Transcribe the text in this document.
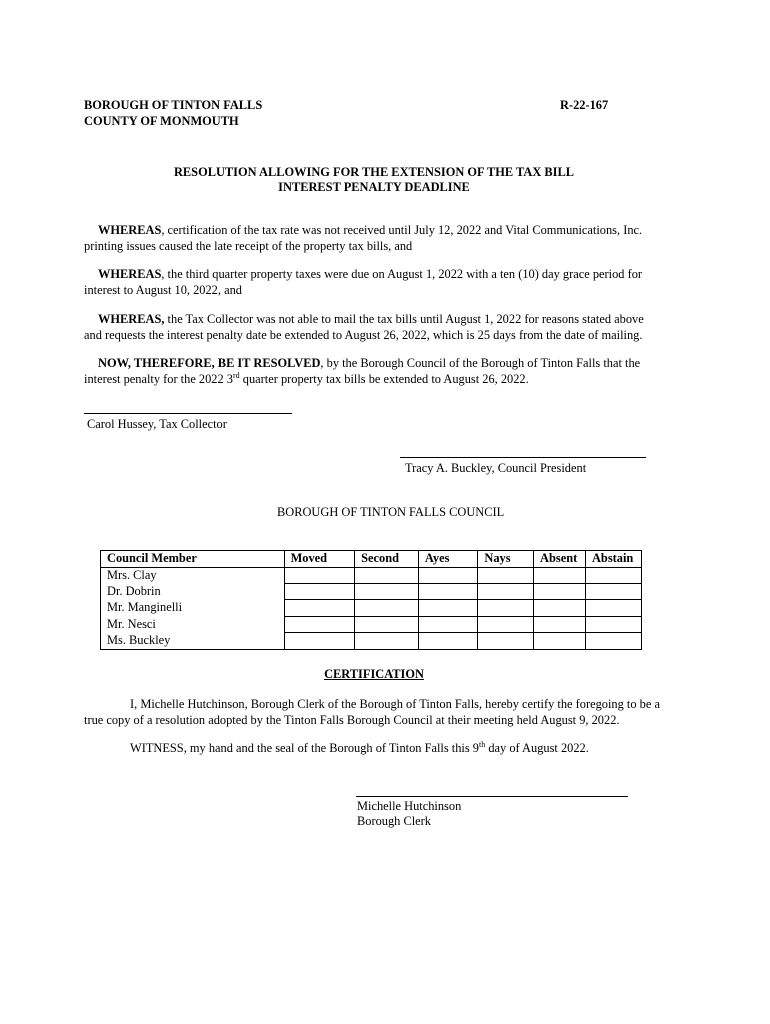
BOROUGH OF TINTON FALLS
COUNTY OF MONMOUTH
R-22-167
RESOLUTION ALLOWING FOR THE EXTENSION OF THE TAX BILL
INTEREST PENALTY DEADLINE

WHEREAS, certification of the tax rate was not received until July 12, 2022 and Vital Communications, Inc. printing issues caused the late receipt of the property tax bills, and

WHEREAS, the third quarter property taxes were due on August 1, 2022 with a ten (10) day grace period for interest to August 10, 2022, and

WHEREAS, the Tax Collector was not able to mail the tax bills until August 1, 2022 for reasons stated above and requests the interest penalty date be extended to August 26, 2022, which is 25 days from the date of mailing.

NOW, THEREFORE, BE IT RESOLVED, by the Borough Council of the Borough of Tinton Falls that the interest penalty for the 2022 3rd quarter property tax bills be extended to August 26, 2022.

Carol Hussey, Tax Collector
Tracy A. Buckley, Council President
BOROUGH OF TINTON FALLS COUNCIL
Council Member	Moved	Second	Ayes	Nays	Absent	Abstain
Mrs. Clay						
Dr. Dobrin						
Mr. Manginelli						
Mr. Nesci						
Ms. Buckley						
CERTIFICATION

I, Michelle Hutchinson, Borough Clerk of the Borough of Tinton Falls, hereby certify the foregoing to be a true copy of a resolution adopted by the Tinton Falls Borough Council at their meeting held August 9, 2022.

WITNESS, my hand and the seal of the Borough of Tinton Falls this 9th day of August 2022.

Michelle Hutchinson
Borough Clerk
